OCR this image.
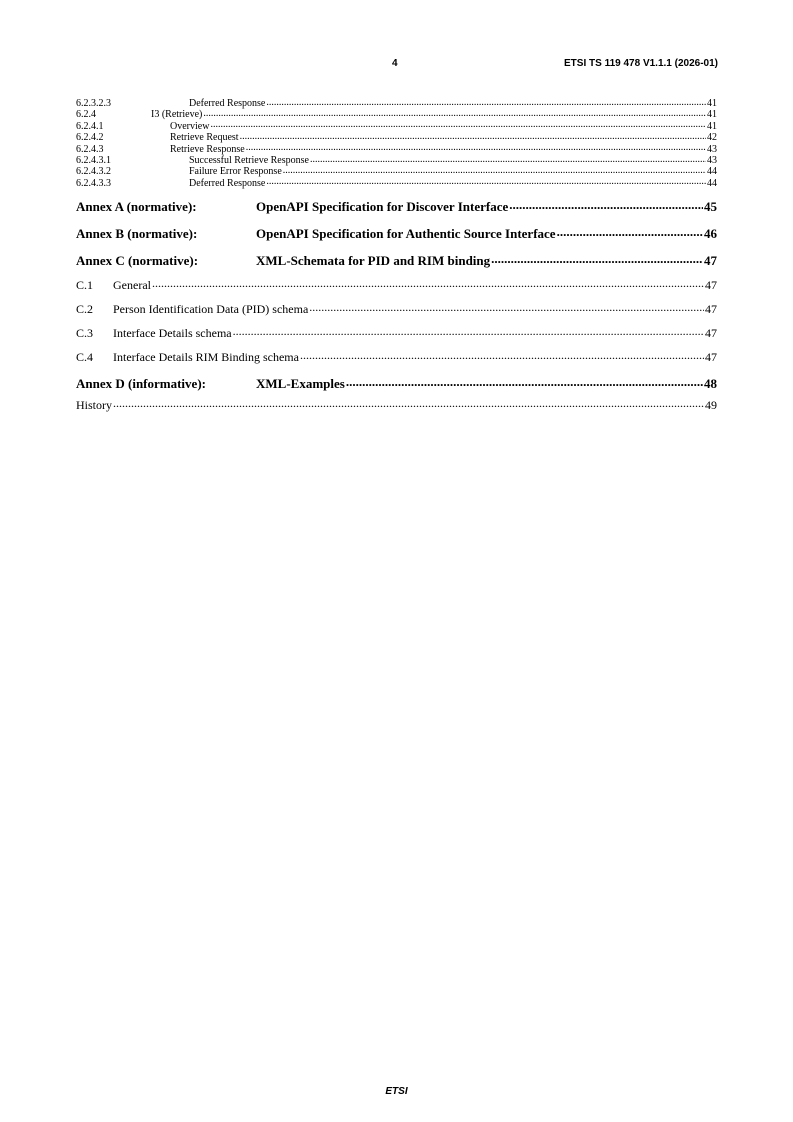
4	ETSI TS 119 478 V1.1.1 (2026-01)
6.2.3.2.3	Deferred Response .....	41
6.2.4	I3 (Retrieve) .....	41
6.2.4.1	Overview .....	41
6.2.4.2	Retrieve Request .....	42
6.2.4.3	Retrieve Response .....	43
6.2.4.3.1	Successful Retrieve Response .....	43
6.2.4.3.2	Failure Error Response .....	44
6.2.4.3.3	Deferred Response .....	44
Annex A (normative):	OpenAPI Specification for Discover Interface .....	45
Annex B (normative):	OpenAPI Specification for Authentic Source Interface .....	46
Annex C (normative):	XML-Schemata for PID and RIM binding .....	47
C.1	General .....	47
C.2	Person Identification Data (PID) schema .....	47
C.3	Interface Details schema .....	47
C.4	Interface Details RIM Binding schema .....	47
Annex D (informative):	XML-Examples .....	48
History .....	49
ETSI
